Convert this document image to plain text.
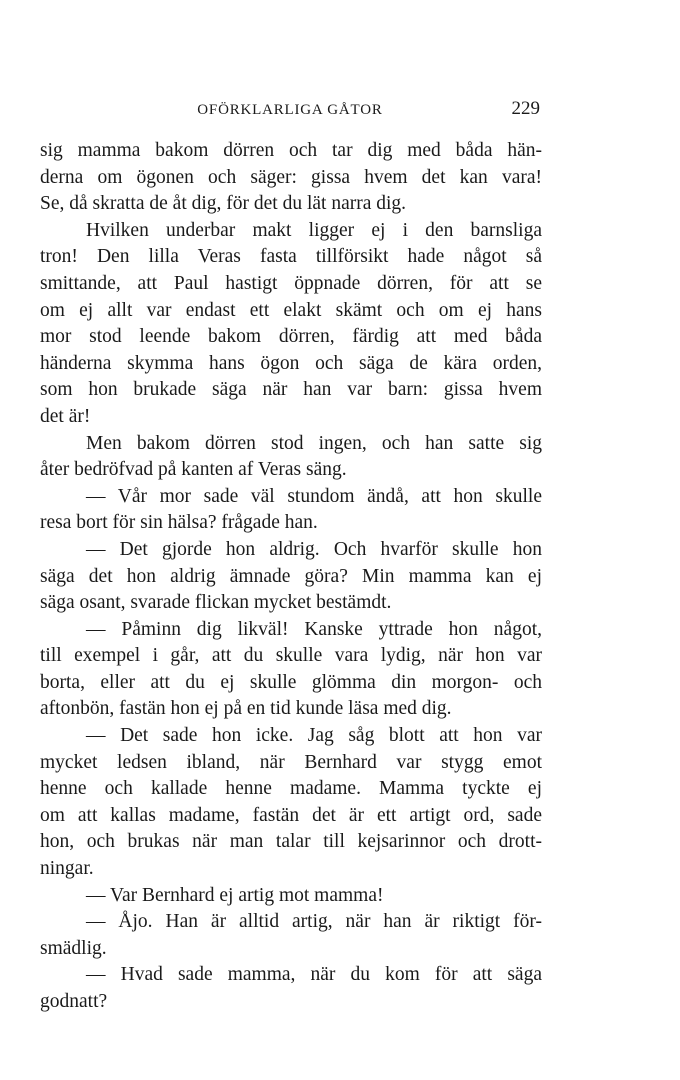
OFÖRKLARLIGA GÅTOR	229
sig mamma bakom dörren och tar dig med båda hän-
derna om ögonen och säger: gissa hvem det kan vara!
Se, då skratta de åt dig, för det du lät narra dig.
Hvilken underbar makt ligger ej i den barnsliga
tron! Den lilla Veras fasta tillförsikt hade något så
smittande, att Paul hastigt öppnade dörren, för att se
om ej allt var endast ett elakt skämt och om ej hans
mor stod leende bakom dörren, färdig att med båda
händerna skymma hans ögon och säga de kära orden,
som hon brukade säga när han var barn: gissa hvem
det är!
Men bakom dörren stod ingen, och han satte sig
åter bedröfvad på kanten af Veras säng.
— Vår mor sade väl stundom ändå, att hon skulle
resa bort för sin hälsa? frågade han.
— Det gjorde hon aldrig. Och hvarför skulle hon
säga det hon aldrig ämnade göra? Min mamma kan ej
säga osant, svarade flickan mycket bestämdt.
— Påminn dig likväl! Kanske yttrade hon något,
till exempel i går, att du skulle vara lydig, när hon var
borta, eller att du ej skulle glömma din morgon- och
aftonbön, fastän hon ej på en tid kunde läsa med dig.
— Det sade hon icke. Jag såg blott att hon var
mycket ledsen ibland, när Bernhard var stygg emot
henne och kallade henne madame. Mamma tyckte ej
om att kallas madame, fastän det är ett artigt ord, sade
hon, och brukas när man talar till kejsarinnor och drott-
ningar.
— Var Bernhard ej artig mot mamma!
— Åjo. Han är alltid artig, när han är riktigt för-
smädlig.
— Hvad sade mamma, när du kom för att säga
godnatt?
